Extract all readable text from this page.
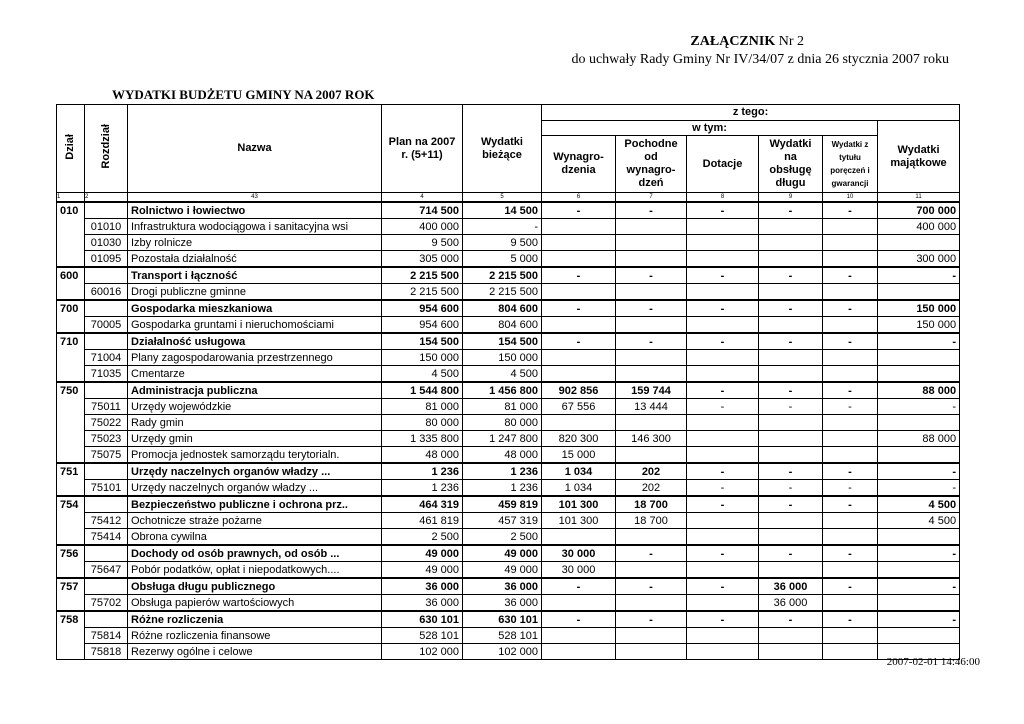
ZAŁĄCZNIK Nr 2
do uchwały Rady Gminy Nr IV/34/07 z dnia 26 stycznia 2007 roku
WYDATKI BUDŻETU GMINY NA 2007 ROK
Dział	Rozdział	Nazwa	Plan na 2007 r. (5+11)	Wydatki bieżące	z tego:					
					w tym:					Wydatki majątkowe
					Wynagro-dzenia	Pochodne od wynagro-dzeń	Dotacje	Wydatki na obsługę długu	Wydatki z tytułu poręczeń i gwarancji	
1	2	43	4	5	6	7	8	9	10	11
010		Rolnictwo i łowiectwo	714 500	14 500	-	-	-	-	-	700 000
	01010	Infrastruktura wodociągowa i sanitacyjna wsi	400 000	-						400 000
	01030	Izby rolnicze	9 500	9 500						
	01095	Pozostała działalność	305 000	5 000						300 000
600		Transport i łączność	2 215 500	2 215 500	-	-	-	-	-	-
	60016	Drogi publiczne gminne	2 215 500	2 215 500						
700		Gospodarka mieszkaniowa	954 600	804 600	-	-	-	-	-	150 000
	70005	Gospodarka gruntami i nieruchomościami	954 600	804 600						150 000
710		Działalność usługowa	154 500	154 500	-	-	-	-	-	-
	71004	Plany zagospodarowania przestrzennego	150 000	150 000						
	71035	Cmentarze	4 500	4 500						
750		Administracja publiczna	1 544 800	1 456 800	902 856	159 744	-	-	-	88 000
	75011	Urzędy wojewódzkie	81 000	81 000	67 556	13 444	-	-	-	-
	75022	Rady gmin	80 000	80 000						
	75023	Urzędy gmin	1 335 800	1 247 800	820 300	146 300				88 000
	75075	Promocja jednostek samorządu terytorialn.	48 000	48 000	15 000					
751		Urzędy naczelnych organów władzy ...	1 236	1 236	1 034	202	-	-	-	-
	75101	Urzędy naczelnych organów władzy ...	1 236	1 236	1 034	202	-	-	-	-
754		Bezpieczeństwo publiczne i ochrona prz..	464 319	459 819	101 300	18 700	-	-	-	4 500
	75412	Ochotnicze straże pożarne	461 819	457 319	101 300	18 700				4 500
	75414	Obrona cywilna	2 500	2 500						
756		Dochody od osób prawnych, od osób ...	49 000	49 000	30 000	-	-	-	-	-
	75647	Pobór podatków, opłat i niepodatkowych....	49 000	49 000	30 000					
757		Obsługa długu publicznego	36 000	36 000	-	-	-	36 000	-	-
	75702	Obsługa papierów wartościowych	36 000	36 000				36 000		
758		Różne rozliczenia	630 101	630 101	-	-	-	-	-	-
	75814	Różne rozliczenia finansowe	528 101	528 101						
	75818	Rezerwy ogólne i celowe	102 000	102 000						
2007-02-01 14:46:00
